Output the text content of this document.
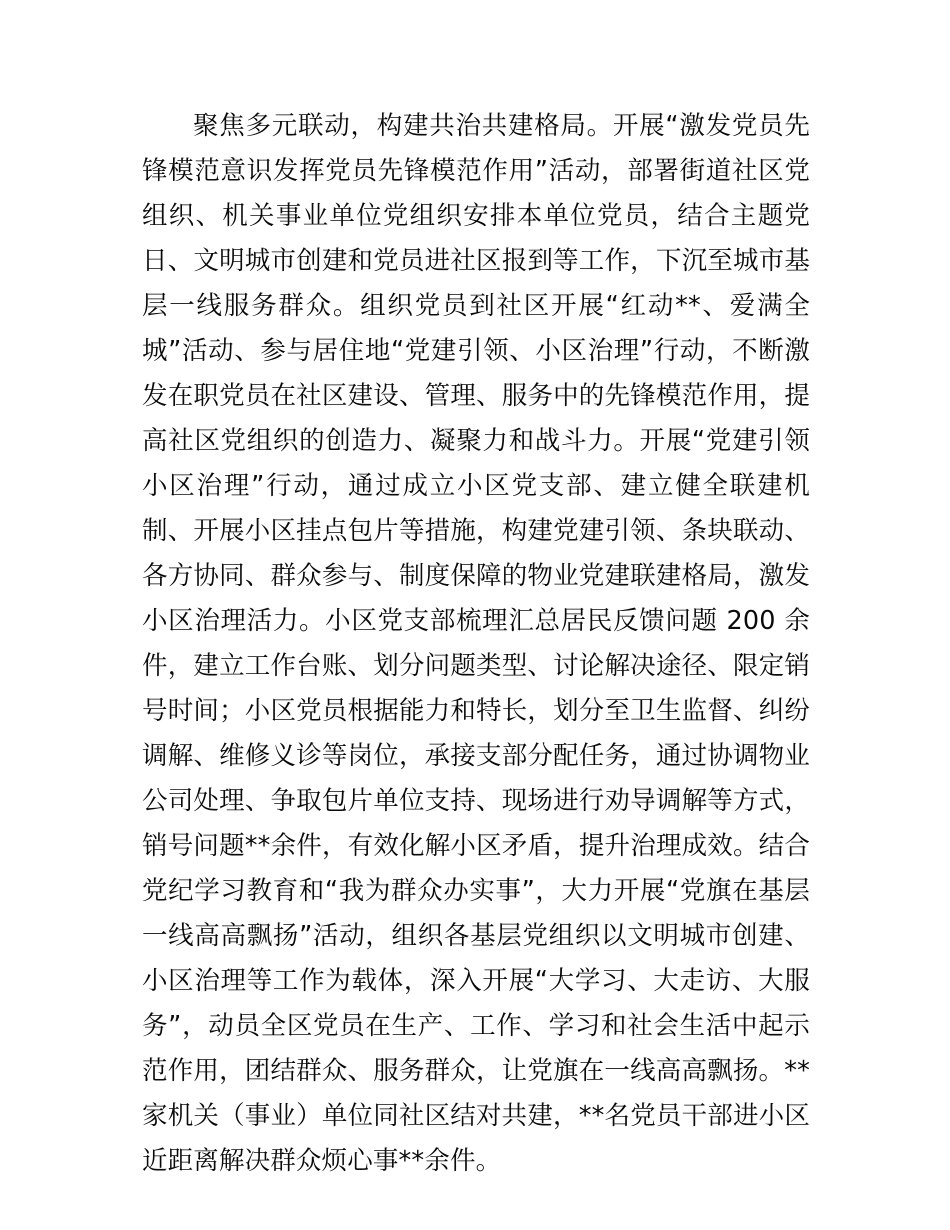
聚焦多元联动，构建共治共建格局。开展“激发党员先锋模范意识发挥党员先锋模范作用”活动，部署街道社区党组织、机关事业单位党组织安排本单位党员，结合主题党日、文明城市创建和党员进社区报到等工作，下沉至城市基层一线服务群众。组织党员到社区开展“红动**、爱满全城”活动、参与居住地“党建引领、小区治理”行动，不断激发在职党员在社区建设、管理、服务中的先锋模范作用，提高社区党组织的创造力、凝聚力和战斗力。开展“党建引领小区治理”行动，通过成立小区党支部、建立健全联建机制、开展小区挂点包片等措施，构建党建引领、条块联动、各方协同、群众参与、制度保障的物业党建联建格局，激发小区治理活力。小区党支部梳理汇总居民反馈问题 200 余件，建立工作台账、划分问题类型、讨论解决途径、限定销号时间；小区党员根据能力和特长，划分至卫生监督、纠纷调解、维修义诊等岗位，承接支部分配任务，通过协调物业公司处理、争取包片单位支持、现场进行劝导调解等方式，销号问题**余件，有效化解小区矛盾，提升治理成效。结合党纪学习教育和“我为群众办实事”，大力开展“党旗在基层一线高高飘扬”活动，组织各基层党组织以文明城市创建、小区治理等工作为载体，深入开展“大学习、大走访、大服务”，动员全区党员在生产、工作、学习和社会生活中起示范作用，团结群众、服务群众，让党旗在一线高高飘扬。**家机关（事业）单位同社区结对共建，**名党员干部进小区近距离解决群众烦心事**余件。
